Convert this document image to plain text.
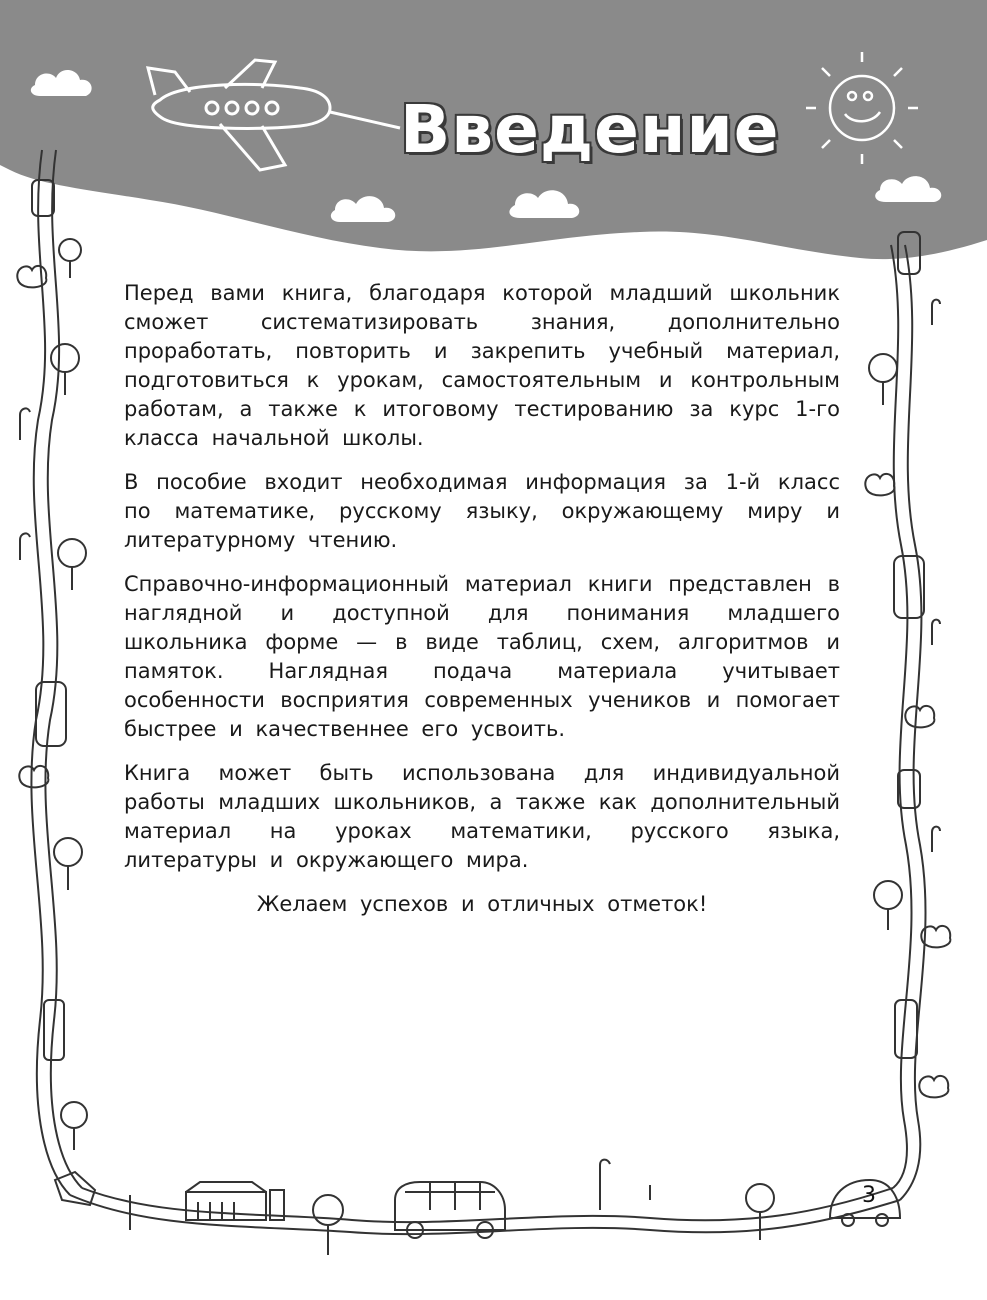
Введение

Перед вами книга, благодаря которой младший школьник сможет систематизировать знания, дополнительно проработать, повторить и закрепить учебный материал, подготовиться к урокам, самостоятельным и контрольным работам, а также к итоговому тестированию за курс 1-го класса начальной школы.

В пособие входит необходимая информация за 1-й класс по математике, русскому языку, окружающему миру и литературному чтению.

Справочно-информационный материал книги представлен в наглядной и доступной для понимания младшего школьника форме — в виде таблиц, схем, алгоритмов и памяток. Наглядная подача материала учитывает особенности восприятия современных учеников и помогает быстрее и качественнее его усвоить.

Книга может быть использована для индивидуальной работы младших школьников, а также как дополнительный материал на уроках математики, русского языка, литературы и окружающего мира.

Желаем успехов и отличных отметок!

3
